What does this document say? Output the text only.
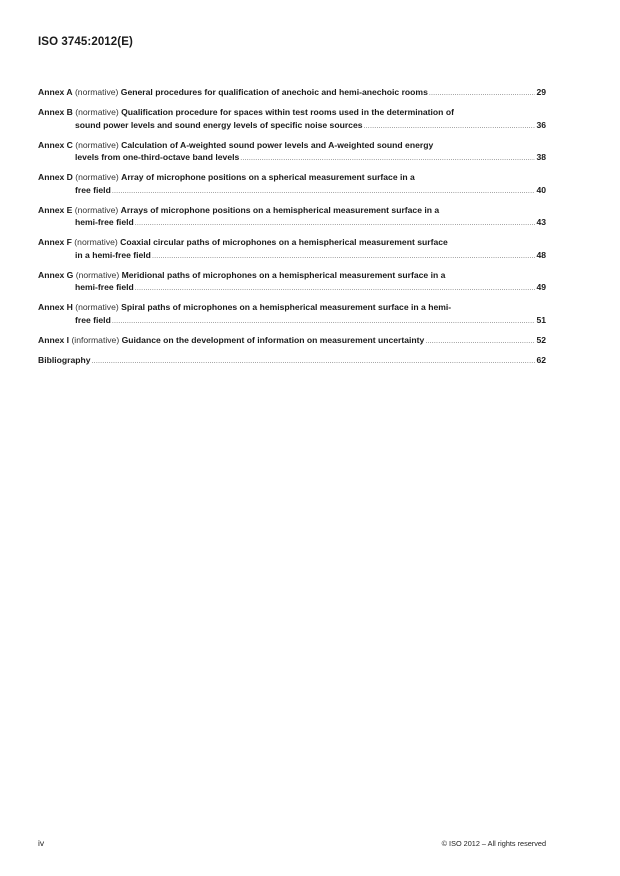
ISO 3745:2012(E)
Annex A (normative) General procedures for qualification of anechoic and hemi-anechoic rooms .....	29
Annex B (normative) Qualification procedure for spaces within test rooms used in the determination of
sound power levels and sound energy levels of specific noise sources .....	36
Annex C (normative) Calculation of A-weighted sound power levels and A-weighted sound energy
levels from one-third-octave band levels .....	38
Annex D (normative) Array of microphone positions on a spherical measurement surface in a
free field .....	40
Annex E (normative) Arrays of microphone positions on a hemispherical measurement surface in a
hemi-free field .....	43
Annex F (normative) Coaxial circular paths of microphones on a hemispherical measurement surface
in a hemi-free field .....	48
Annex G (normative) Meridional paths of microphones on a hemispherical measurement surface in a
hemi-free field .....	49
Annex H (normative) Spiral paths of microphones on a hemispherical measurement surface in a hemi-
free field .....	51
Annex I (informative) Guidance on the development of information on measurement uncertainty .....	52
Bibliography .....	62
iv	© ISO 2012 – All rights reserved
